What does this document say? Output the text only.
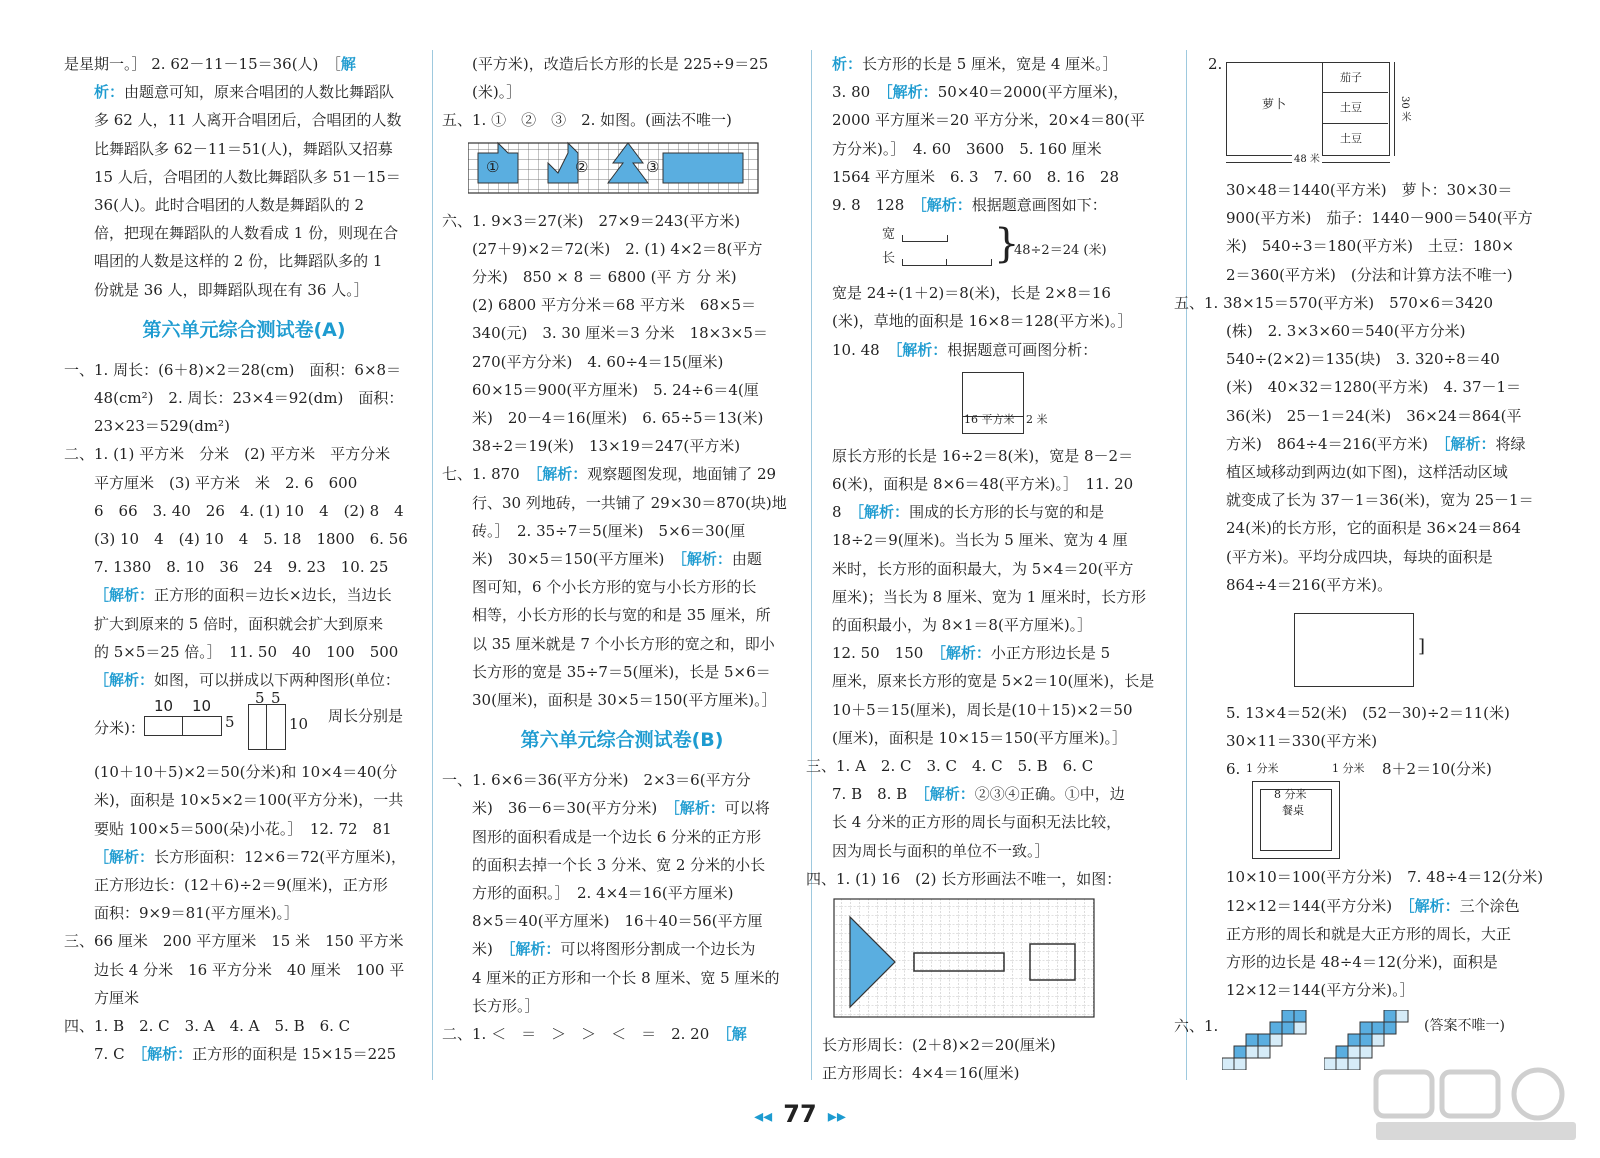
是星期一。］ 2. 62－11－15＝36(人)　［解

析：由题意可知，原来合唱团的人数比舞蹈队

多 62 人，11 人离开合唱团后，合唱团的人数

比舞蹈队多 62－11＝51(人)，舞蹈队又招募

15 人后，合唱团的人数比舞蹈队多 51－15＝

36(人)。此时合唱团的人数是舞蹈队的 2

倍，把现在舞蹈队的人数看成 1 份，则现在合

唱团的人数是这样的 2 份，比舞蹈队多的 1

份就是 36 人，即舞蹈队现在有 36 人。］

第六单元综合测试卷(A)

一、1. 周长：(6＋8)×2＝28(cm)　面积：6×8＝

48(cm²)　2. 周长：23×4＝92(dm)　面积：

23×23＝529(dm²)

二、1. (1) 平方米　分米　(2) 平方米　平方分米

平方厘米　(3) 平方米　米　2. 6　600

6　66　3. 40　26　4. (1) 10　4　(2) 8　4

(3) 10　4　(4) 10　4　5. 18　1800　6. 56

7. 1380　8. 10　36　24　9. 23　10. 25

［解析：正方形的面积＝边长×边长，当边长

扩大到原来的 5 倍时，面积就会扩大到原来

的 5×5＝25 倍。］　11. 50　40　100　500

［解析：如图，可以拼成以下两种图形(单位：

分米)：
10 10
5
5 5
10 周长分别是

(10＋10＋5)×2＝50(分米)和 10×4＝40(分

米)，面积是 10×5×2＝100(平方分米)，一共

要贴 100×5＝500(朵)小花。］　12. 72　81

［解析：长方形面积：12×6＝72(平方厘米)，

正方形边长：(12＋6)÷2＝9(厘米)，正方形

面积：9×9＝81(平方厘米)。］

三、66 厘米　200 平方厘米　15 米　150 平方米

边长 4 分米　16 平方分米　40 厘米　100 平

方厘米

四、1. B　2. C　3. A　4. A　5. B　6. C

7. C　［解析：正方形的面积是 15×15＝225

(平方米)，改造后长方形的长是 225÷9＝25

(米)。］

五、1. ①　②　③　2. 如图。(画法不唯一)

①	②	③

六、1. 9×3＝27(米)　27×9＝243(平方米)

(27＋9)×2＝72(米)　2. (1) 4×2＝8(平方

分米)　850 × 8 ＝ 6800 (平 方 分 米)

(2) 6800 平方分米＝68 平方米　68×5＝

340(元)　3. 30 厘米＝3 分米　18×3×5＝

270(平方分米)　4. 60÷4＝15(厘米)

60×15＝900(平方厘米)　5. 24÷6＝4(厘

米)　20－4＝16(厘米)　6. 65÷5＝13(米)

38÷2＝19(米)　13×19＝247(平方米)

七、1. 870　［解析：观察题图发现，地面铺了 29

行、30 列地砖，一共铺了 29×30＝870(块)地

砖。］　2. 35÷7＝5(厘米)　5×6＝30(厘

米)　30×5＝150(平方厘米)　［解析：由题

图可知，6 个小长方形的宽与小长方形的长

相等，小长方形的长与宽的和是 35 厘米，所

以 35 厘米就是 7 个小长方形的宽之和，即小

长方形的宽是 35÷7＝5(厘米)，长是 5×6＝

30(厘米)，面积是 30×5＝150(平方厘米)。］

第六单元综合测试卷(B)

一、1. 6×6＝36(平方分米)　2×3＝6(平方分

米)　36－6＝30(平方分米)　［解析：可以将

图形的面积看成是一个边长 6 分米的正方形

的面积去掉一个长 3 分米、宽 2 分米的小长

方形的面积。］　2. 4×4＝16(平方厘米)

8×5＝40(平方厘米)　16＋40＝56(平方厘

米)　［解析：可以将图形分割成一个边长为

4 厘米的正方形和一个长 8 厘米、宽 5 厘米的

长方形。］

二、1. ＜　＝　＞　＞　＜　＝　2. 20　［解

析：长方形的长是 5 厘米，宽是 4 厘米。］

3. 80　［解析：50×40＝2000(平方厘米)，

2000 平方厘米＝20 平方分米，20×4＝80(平

方分米)。］　4. 60　3600　5. 160 厘米

1564 平方厘米　6. 3　7. 60　8. 16　28

9. 8　128　［解析：根据题意画图如下：

宽
长 }
48÷2＝24 (米)

宽是 24÷(1＋2)＝8(米)，长是 2×8＝16

(米)，草地的面积是 16×8＝128(平方米)。］

10. 48　［解析：根据题意可画图分析：

16 平方米 2 米

原长方形的长是 16÷2＝8(米)，宽是 8－2＝

6(米)，面积是 8×6＝48(平方米)。］　11. 20

8　［解析：围成的长方形的长与宽的和是

18÷2＝9(厘米)。当长为 5 厘米、宽为 4 厘

米时，长方形的面积最大，为 5×4＝20(平方

厘米)；当长为 8 厘米、宽为 1 厘米时，长方形

的面积最小，为 8×1＝8(平方厘米)。］

12. 50　150　［解析：小正方形边长是 5

厘米，原来长方形的宽是 5×2＝10(厘米)，长是

10＋5＝15(厘米)，周长是(10＋15)×2＝50

(厘米)，面积是 10×15＝150(平方厘米)。］

三、1. A　2. C　3. C　4. C　5. B　6. C

7. B　8. B　［解析：②③④正确。①中，边

长 4 分米的正方形的周长与面积无法比较，

因为周长与面积的单位不一致。］

四、1. (1) 16　(2) 长方形画法不唯一，如图：

长方形周长：(2＋8)×2＝20(厘米)

正方形周长：4×4＝16(厘米)

2.
萝卜
茄子
土豆
土豆
30 米
48 米

30×48＝1440(平方米)　萝卜：30×30＝

900(平方米)　茄子：1440－900＝540(平方

米)　540÷3＝180(平方米)　土豆：180×

2＝360(平方米)　(分法和计算方法不唯一)

五、1. 38×15＝570(平方米)　570×6＝3420

(株)　2. 3×3×60＝540(平方分米)

540÷(2×2)＝135(块)　3. 320÷8＝40

(米)　40×32＝1280(平方米)　4. 37－1＝

36(米)　25－1＝24(米)　36×24＝864(平

方米)　864÷4＝216(平方米)　［解析：将绿

植区域移动到两边(如下图)，这样活动区域

就变成了长为 37－1＝36(米)，宽为 25－1＝

24(米)的长方形，它的面积是 36×24＝864

(平方米)。平均分成四块，每块的面积是

864÷4＝216(平方米)。

]

5. 13×4＝52(米)　(52－30)÷2＝11(米)

30×11＝330(平方米)

6. 1 分米	1 分米
8 分米
餐桌
8＋2＝10(分米)

10×10＝100(平方分米)　7. 48÷4＝12(分米)

12×12＝144(平方分米)　［解析：三个涂色

正方形的周长和就是大正方形的周长，大正

方形的边长是 48÷4＝12(分米)，面积是

12×12＝144(平方分米)。］

六、1.	(答案不唯一)
◂◂ 77 ▸▸
